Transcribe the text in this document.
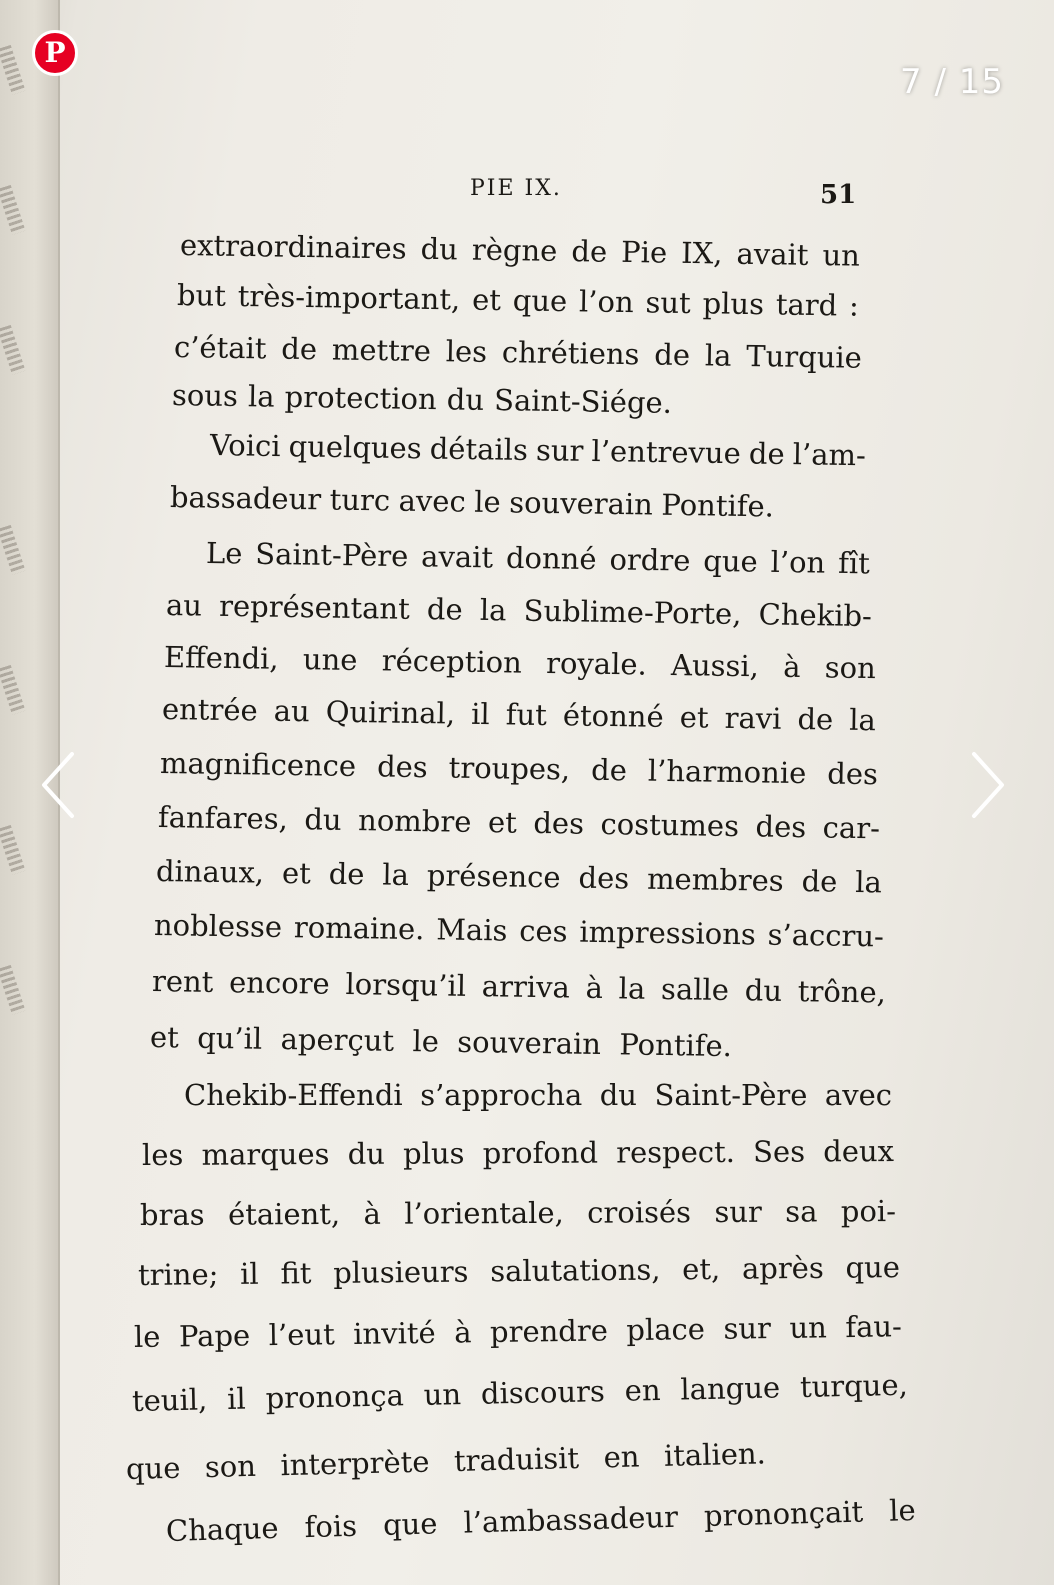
PIE IX.	51
extraordinaires du règne de Pie IX, avait un
but très-important, et que l’on sut plus tard :
c’était de mettre les chrétiens de la Turquie
sous la protection du Saint-Siége.
Voici quelques détails sur l’entrevue de l’am-
bassadeur turc avec le souverain Pontife.
Le Saint-Père avait donné ordre que l’on fît
au représentant de la Sublime-Porte, Chekib-
Effendi, une réception royale. Aussi, à son
entrée au Quirinal, il fut étonné et ravi de la
magnificence des troupes, de l’harmonie des
fanfares, du nombre et des costumes des car-
dinaux, et de la présence des membres de la
noblesse romaine. Mais ces impressions s’accru-
rent encore lorsqu’il arriva à la salle du trône,
et qu’il aperçut le souverain Pontife.
Chekib-Effendi s’approcha du Saint-Père avec
les marques du plus profond respect. Ses deux
bras étaient, à l’orientale, croisés sur sa poi-
trine; il fit plusieurs salutations, et, après que
le Pape l’eut invité à prendre place sur un fau-
teuil, il prononça un discours en langue turque,
que son interprète traduisit en italien.
Chaque fois que l’ambassadeur prononçait le
P
7 / 15
